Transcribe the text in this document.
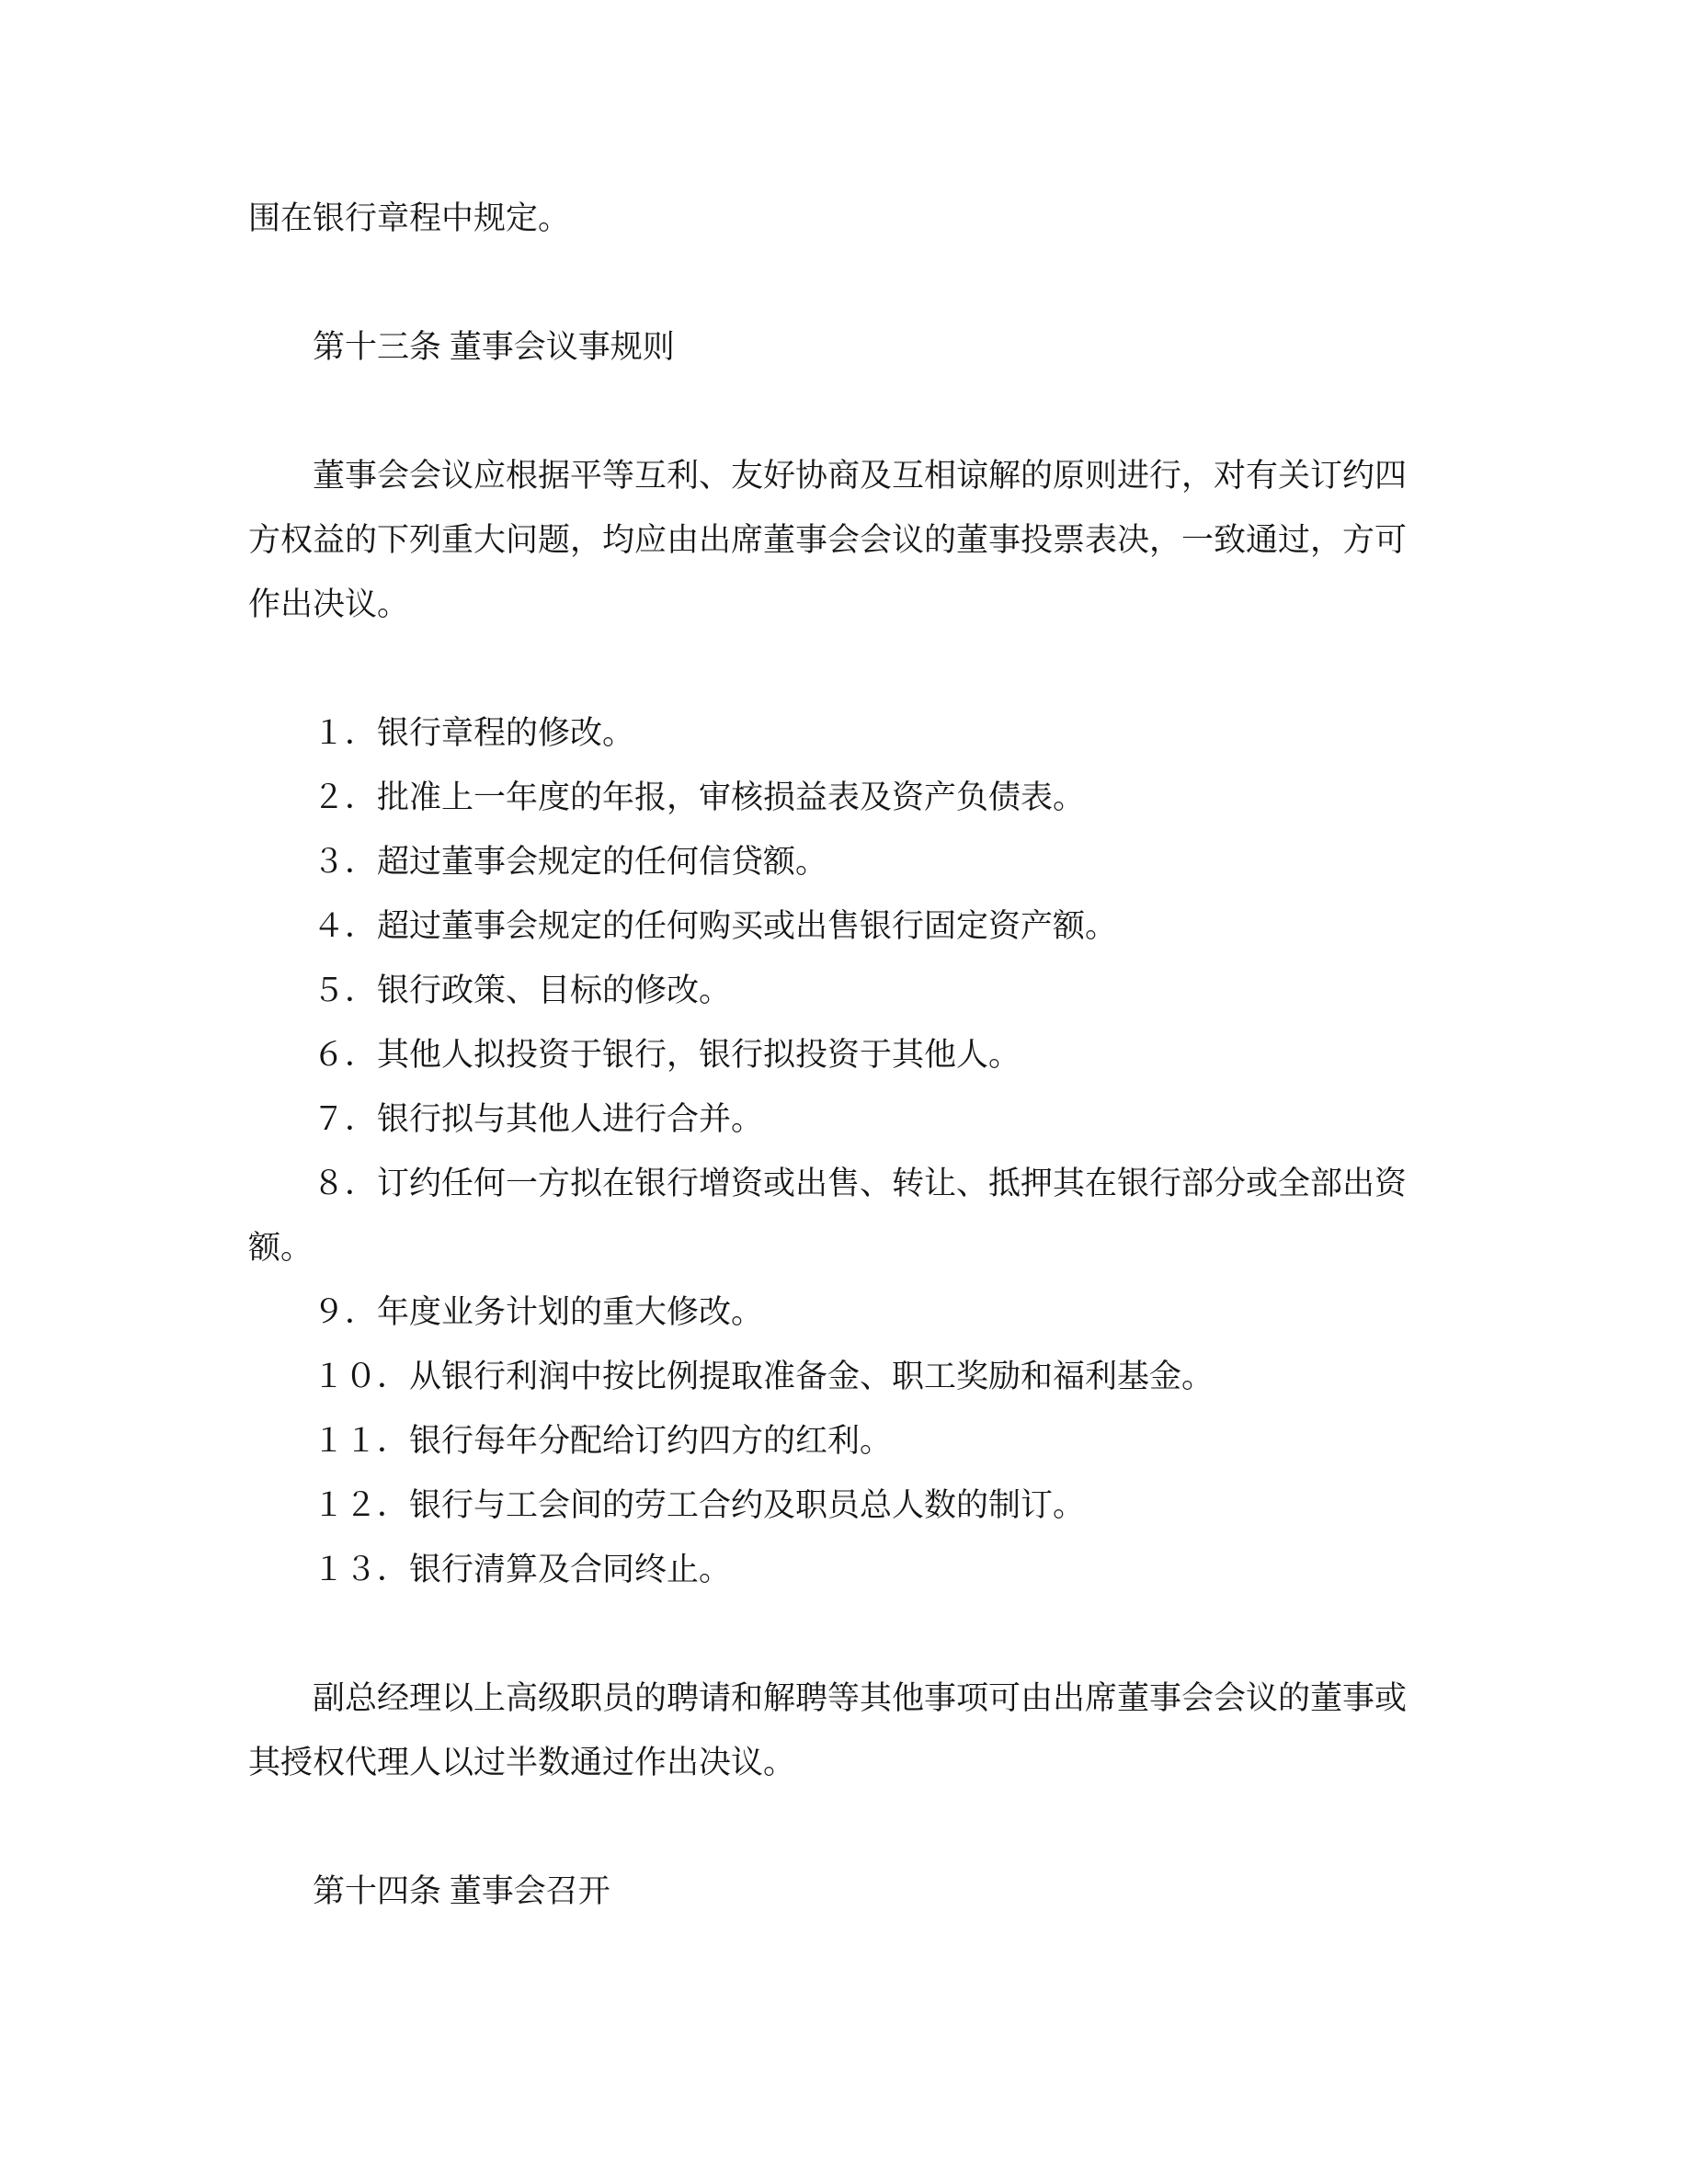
围在银行章程中规定。

第十三条 董事会议事规则

董事会会议应根据平等互利、友好协商及互相谅解的原则进行，对有关订约四方权益的下列重大问题，均应由出席董事会会议的董事投票表决，一致通过，方可作出决议。

１．银行章程的修改。

２．批准上一年度的年报，审核损益表及资产负债表。

３．超过董事会规定的任何信贷额。

４．超过董事会规定的任何购买或出售银行固定资产额。

５．银行政策、目标的修改。

６．其他人拟投资于银行，银行拟投资于其他人。

７．银行拟与其他人进行合并。

８．订约任何一方拟在银行增资或出售、转让、抵押其在银行部分或全部出资额。

９．年度业务计划的重大修改。

１０．从银行利润中按比例提取准备金、职工奖励和福利基金。

１１．银行每年分配给订约四方的红利。

１２．银行与工会间的劳工合约及职员总人数的制订。

１３．银行清算及合同终止。

副总经理以上高级职员的聘请和解聘等其他事项可由出席董事会会议的董事或其授权代理人以过半数通过作出决议。

第十四条 董事会召开
